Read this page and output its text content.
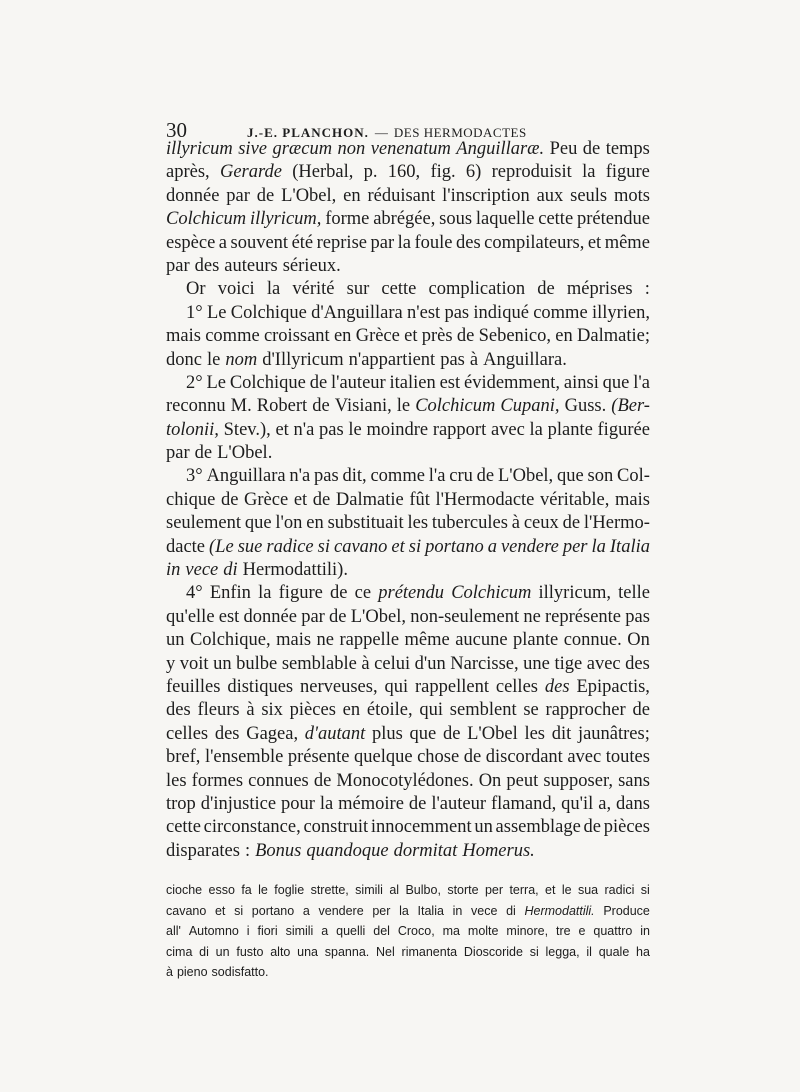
30	J.-E. PLANCHON. — DES HERMODACTES
illyricum sive græcum non venenatum Anguillaræ. Peu de temps
après, Gerarde (Herbal, p. 160, fig. 6) reproduisit la figure
donnée par de L'Obel, en réduisant l'inscription aux seuls mots
Colchicum illyricum, forme abrégée, sous laquelle cette prétendue
espèce a souvent été reprise par la foule des compilateurs, et même
par des auteurs sérieux.
Or voici la vérité sur cette complication de méprises :
1° Le Colchique d'Anguillara n'est pas indiqué comme illyrien,
mais comme croissant en Grèce et près de Sebenico, en Dalmatie;
donc le nom d'Illyricum n'appartient pas à Anguillara.
2° Le Colchique de l'auteur italien est évidemment, ainsi que l'a
reconnu M. Robert de Visiani, le Colchicum Cupani, Guss. (Ber-
tolonii, Stev.), et n'a pas le moindre rapport avec la plante figurée
par de L'Obel.
3° Anguillara n'a pas dit, comme l'a cru de L'Obel, que son Col-
chique de Grèce et de Dalmatie fût l'Hermodacte véritable, mais
seulement que l'on en substituait les tubercules à ceux de l'Hermo-
dacte (Le sue radice si cavano et si portano a vendere per la Italia
in vece di Hermodattili).
4° Enfin la figure de ce prétendu Colchicum illyricum, telle
qu'elle est donnée par de L'Obel, non-seulement ne représente pas
un Colchique, mais ne rappelle même aucune plante connue. On
y voit un bulbe semblable à celui d'un Narcisse, une tige avec des
feuilles distiques nerveuses, qui rappellent celles des Epipactis,
des fleurs à six pièces en étoile, qui semblent se rapprocher de
celles des Gagea, d'autant plus que de L'Obel les dit jaunâtres;
bref, l'ensemble présente quelque chose de discordant avec toutes
les formes connues de Monocotylédones. On peut supposer, sans
trop d'injustice pour la mémoire de l'auteur flamand, qu'il a, dans
cette circonstance, construit innocemment un assemblage de pièces
disparates : Bonus quandoque dormitat Homerus.
cioche esso fa le foglie strette, simili al Bulbo, storte per terra, et le sua radici si
cavano et si portano a vendere per la Italia in vece di Hermodattili. Produce
all' Automno i fiori simili a quelli del Croco, ma molte minore, tre e quattro in
cima di un fusto alto una spanna. Nel rimanenta Dioscoride si legga, il quale ha
à pieno sodisfatto.
